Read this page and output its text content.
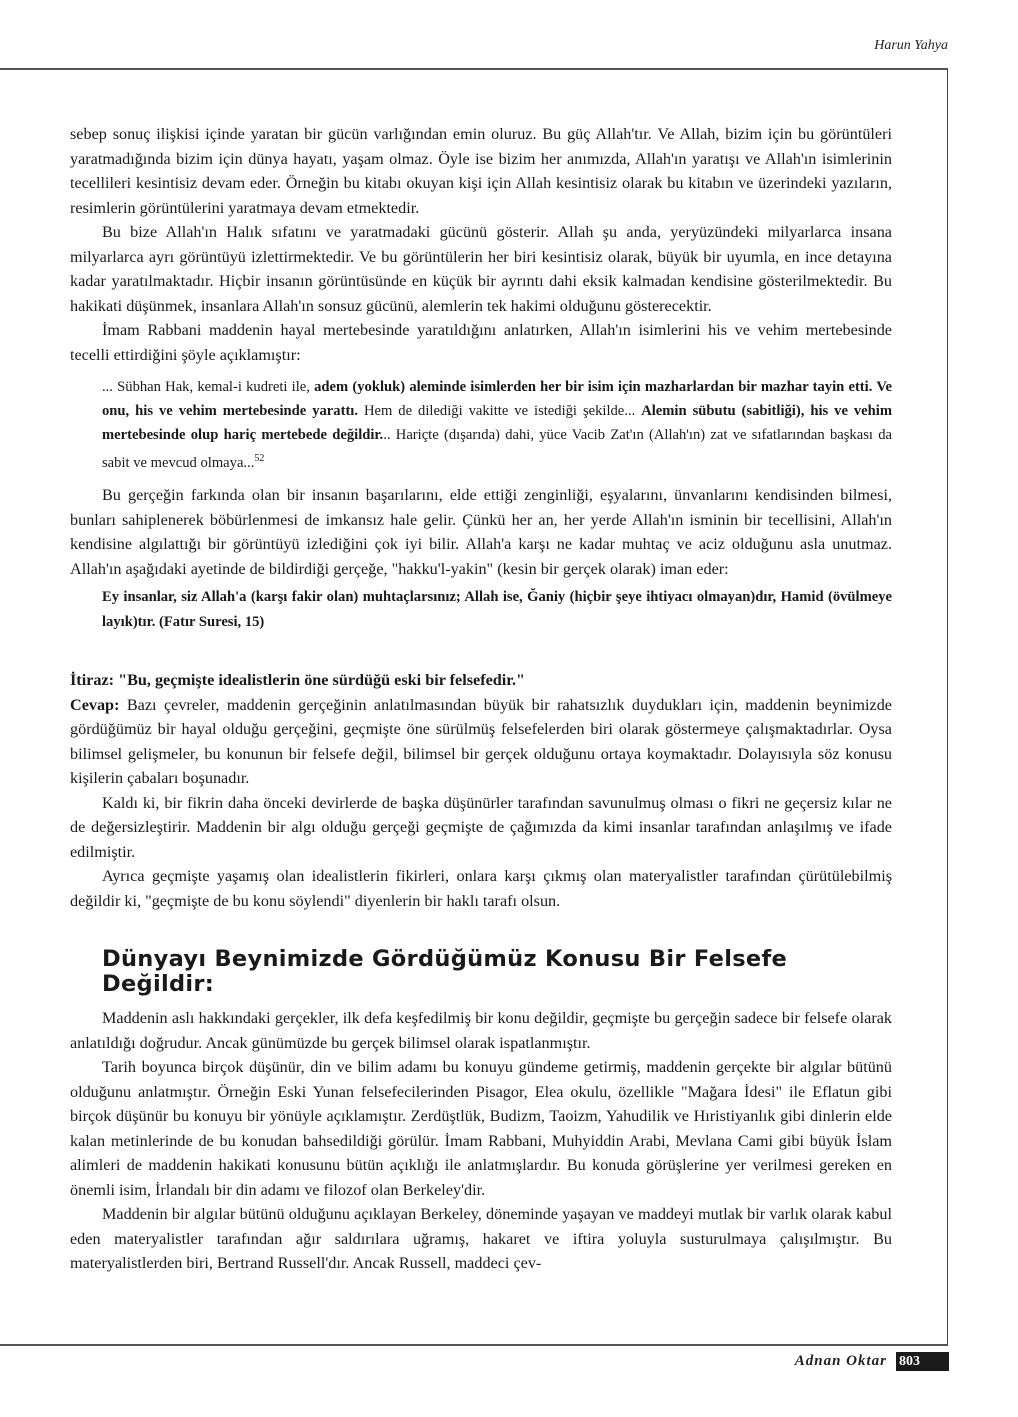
Harun Yahya

sebep sonuç ilişkisi içinde yaratan bir gücün varlığından emin oluruz. Bu güç Allah'tır. Ve Allah, bizim için bu görüntüleri yaratmadığında bizim için dünya hayatı, yaşam olmaz. Öyle ise bizim her anımızda, Allah'ın yaratışı ve Allah'ın isimlerinin tecellileri kesintisiz devam eder. Örneğin bu kitabı okuyan kişi için Allah kesintisiz olarak bu kitabın ve üzerindeki yazıların, resimlerin görüntülerini yaratmaya devam etmektedir.

Bu bize Allah'ın Halık sıfatını ve yaratmadaki gücünü gösterir. Allah şu anda, yeryüzündeki milyarlarca insana milyarlarca ayrı görüntüyü izlettirmektedir. Ve bu görüntülerin her biri kesintisiz olarak, büyük bir uyumla, en ince detayına kadar yaratılmaktadır. Hiçbir insanın görüntüsünde en küçük bir ayrıntı dahi eksik kalmadan kendisine gösterilmektedir. Bu hakikati düşünmek, insanlara Allah'ın sonsuz gücünü, alemlerin tek hakimi olduğunu gösterecektir.

İmam Rabbani maddenin hayal mertebesinde yaratıldığını anlatırken, Allah'ın isimlerini his ve vehim mertebesinde tecelli ettirdiğini şöyle açıklamıştır:

... Sübhan Hak, kemal-i kudreti ile, adem (yokluk) aleminde isimlerden her bir isim için mazharlardan bir mazhar tayin etti. Ve onu, his ve vehim mertebesinde yarattı. Hem de dilediği vakitte ve istediği şekilde... Alemin sübutu (sabitliği), his ve vehim mertebesinde olup hariç mertebede değildir... Hariçte (dışarıda) dahi, yüce Vacib Zat'ın (Allah'ın) zat ve sıfatlarından başkası da sabit ve mevcud olmaya...$^{52}$

Bu gerçeğin farkında olan bir insanın başarılarını, elde ettiği zenginliği, eşyalarını, ünvanlarını kendisinden bilmesi, bunları sahiplenerek böbürlenmesi de imkansız hale gelir. Çünkü her an, her yerde Allah'ın isminin bir tecellisini, Allah'ın kendisine algılattığı bir görüntüyü izlediğini çok iyi bilir. Allah'a karşı ne kadar muhtaç ve aciz olduğunu asla unutmaz. Allah'ın aşağıdaki ayetinde de bildirdiği gerçeğe, "hakku'l-yakin" (kesin bir gerçek olarak) iman eder:

Ey insanlar, siz Allah'a (karşı fakir olan) muhtaçlarsınız; Allah ise, Ğaniy (hiçbir şeye ihtiyacı olmayan)dır, Hamid (övülmeye layık)tır. (Fatır Suresi, 15)

İtiraz: "Bu, geçmişte idealistlerin öne sürdüğü eski bir felsefedir."

Cevap: Bazı çevreler, maddenin gerçeğinin anlatılmasından büyük bir rahatsızlık duydukları için, maddenin beynimizde gördüğümüz bir hayal olduğu gerçeğini, geçmişte öne sürülmüş felsefelerden biri olarak göstermeye çalışmaktadırlar. Oysa bilimsel gelişmeler, bu konunun bir felsefe değil, bilimsel bir gerçek olduğunu ortaya koymaktadır. Dolayısıyla söz konusu kişilerin çabaları boşunadır.

Kaldı ki, bir fikrin daha önceki devirlerde de başka düşünürler tarafından savunulmuş olması o fikri ne geçersiz kılar ne de değersizleştirir. Maddenin bir algı olduğu gerçeği geçmişte de çağımızda da kimi insanlar tarafından anlaşılmış ve ifade edilmiştir.

Ayrıca geçmişte yaşamış olan idealistlerin fikirleri, onlara karşı çıkmış olan materyalistler tarafından çürütülebilmiş değildir ki, "geçmişte de bu konu söylendi" diyenlerin bir haklı tarafı olsun.

Dünyayı Beynimizde Gördüğümüz Konusu Bir Felsefe Değildir:

Maddenin aslı hakkındaki gerçekler, ilk defa keşfedilmiş bir konu değildir, geçmişte bu gerçeğin sadece bir felsefe olarak anlatıldığı doğrudur. Ancak günümüzde bu gerçek bilimsel olarak ispatlanmıştır.

Tarih boyunca birçok düşünür, din ve bilim adamı bu konuyu gündeme getirmiş, maddenin gerçekte bir algılar bütünü olduğunu anlatmıştır. Örneğin Eski Yunan felsefecilerinden Pisagor, Elea okulu, özellikle "Mağara İdesi" ile Eflatun gibi birçok düşünür bu konuyu bir yönüyle açıklamıştır. Zerdüştlük, Budizm, Taoizm, Yahudilik ve Hıristiyanlık gibi dinlerin elde kalan metinlerinde de bu konudan bahsedildiği görülür. İmam Rabbani, Muhyiddin Arabi, Mevlana Cami gibi büyük İslam alimleri de maddenin hakikati konusunu bütün açıklığı ile anlatmışlardır. Bu konuda görüşlerine yer verilmesi gereken en önemli isim, İrlandalı bir din adamı ve filozof olan Berkeley'dir.

Maddenin bir algılar bütünü olduğunu açıklayan Berkeley, döneminde yaşayan ve maddeyi mutlak bir varlık olarak kabul eden materyalistler tarafından ağır saldırılara uğramış, hakaret ve iftira yoluyla susturulmaya çalışılmıştır. Bu materyalistlerden biri, Bertrand Russell'dır. Ancak Russell, maddeci çev-

Adnan Oktar 803
